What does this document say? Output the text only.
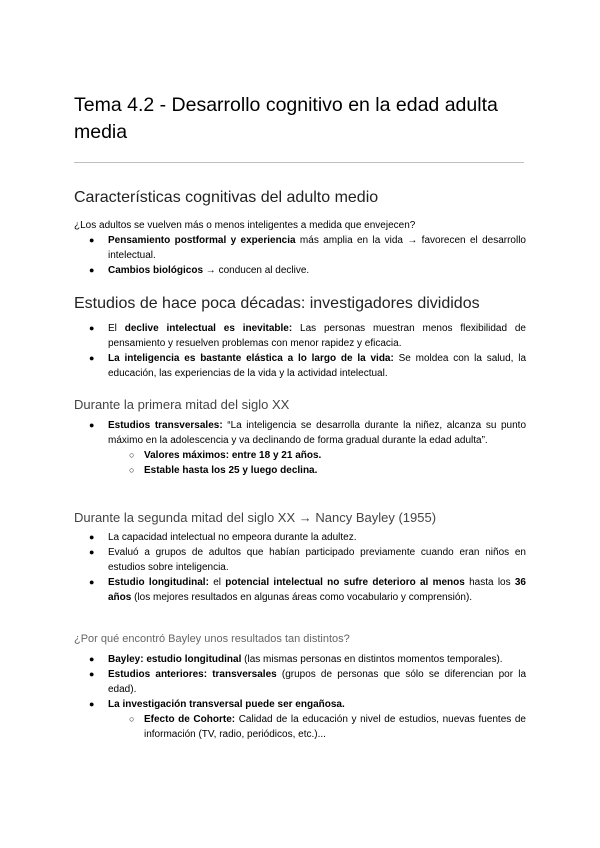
Tema 4.2 - Desarrollo cognitivo en la edad adulta media
Características cognitivas del adulto medio

¿Los adultos se vuelven más o menos inteligentes a medida que envejecen?

● Pensamiento postformal y experiencia más amplia en la vida → favorecen el desarrollo intelectual.
● Cambios biológicos → conducen al declive.
Estudios de hace poca décadas: investigadores divididos
● El declive intelectual es inevitable: Las personas muestran menos flexibilidad de pensamiento y resuelven problemas con menor rapidez y eficacia.
● La inteligencia es bastante elástica a lo largo de la vida: Se moldea con la salud, la educación, las experiencias de la vida y la actividad intelectual.
Durante la primera mitad del siglo XX
● Estudios transversales: “La inteligencia se desarrolla durante la niñez, alcanza su punto máximo en la adolescencia y va declinando de forma gradual durante la edad adulta”.
○ Valores máximos: entre 18 y 21 años.
○ Estable hasta los 25 y luego declina.
Durante la segunda mitad del siglo XX → Nancy Bayley (1955)
● La capacidad intelectual no empeora durante la adultez.
● Evaluó a grupos de adultos que habían participado previamente cuando eran niños en estudios sobre inteligencia.
● Estudio longitudinal: el potencial intelectual no sufre deterioro al menos hasta los 36 años (los mejores resultados en algunas áreas como vocabulario y comprensión).
¿Por qué encontró Bayley unos resultados tan distintos?
● Bayley: estudio longitudinal (las mismas personas en distintos momentos temporales).
● Estudios anteriores: transversales (grupos de personas que sólo se diferencian por la edad).
● La investigación transversal puede ser engañosa.
○ Efecto de Cohorte: Calidad de la educación y nivel de estudios, nuevas fuentes de información (TV, radio, periódicos, etc.)...
